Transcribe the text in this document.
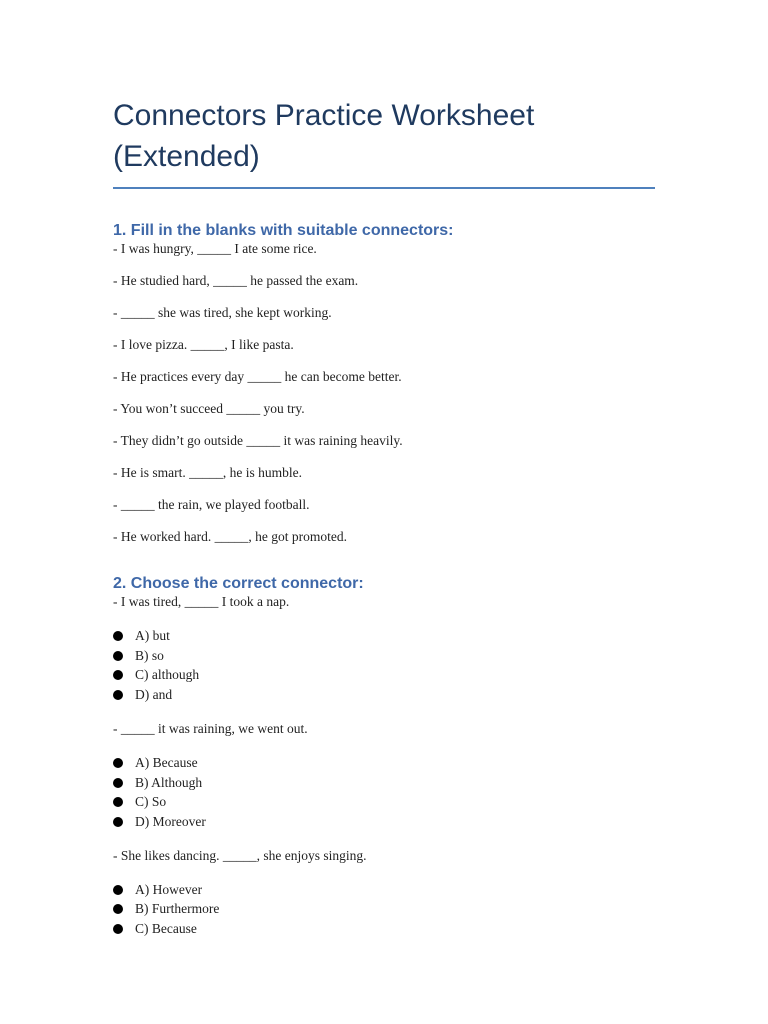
Connectors Practice Worksheet
(Extended)
1. Fill in the blanks with suitable connectors:

- I was hungry, _____ I ate some rice.

- He studied hard, _____ he passed the exam.

- _____ she was tired, she kept working.

- I love pizza. _____, I like pasta.

- He practices every day _____ he can become better.

- You won’t succeed _____ you try.

- They didn’t go outside _____ it was raining heavily.

- He is smart. _____, he is humble.

- _____ the rain, we played football.

- He worked hard. _____, he got promoted.

2. Choose the correct connector:

- I was tired, _____ I took a nap.

A) but
B) so
C) although
D) and

- _____ it was raining, we went out.

A) Because
B) Although
C) So
D) Moreover

- She likes dancing. _____, she enjoys singing.

A) However
B) Furthermore
C) Because
